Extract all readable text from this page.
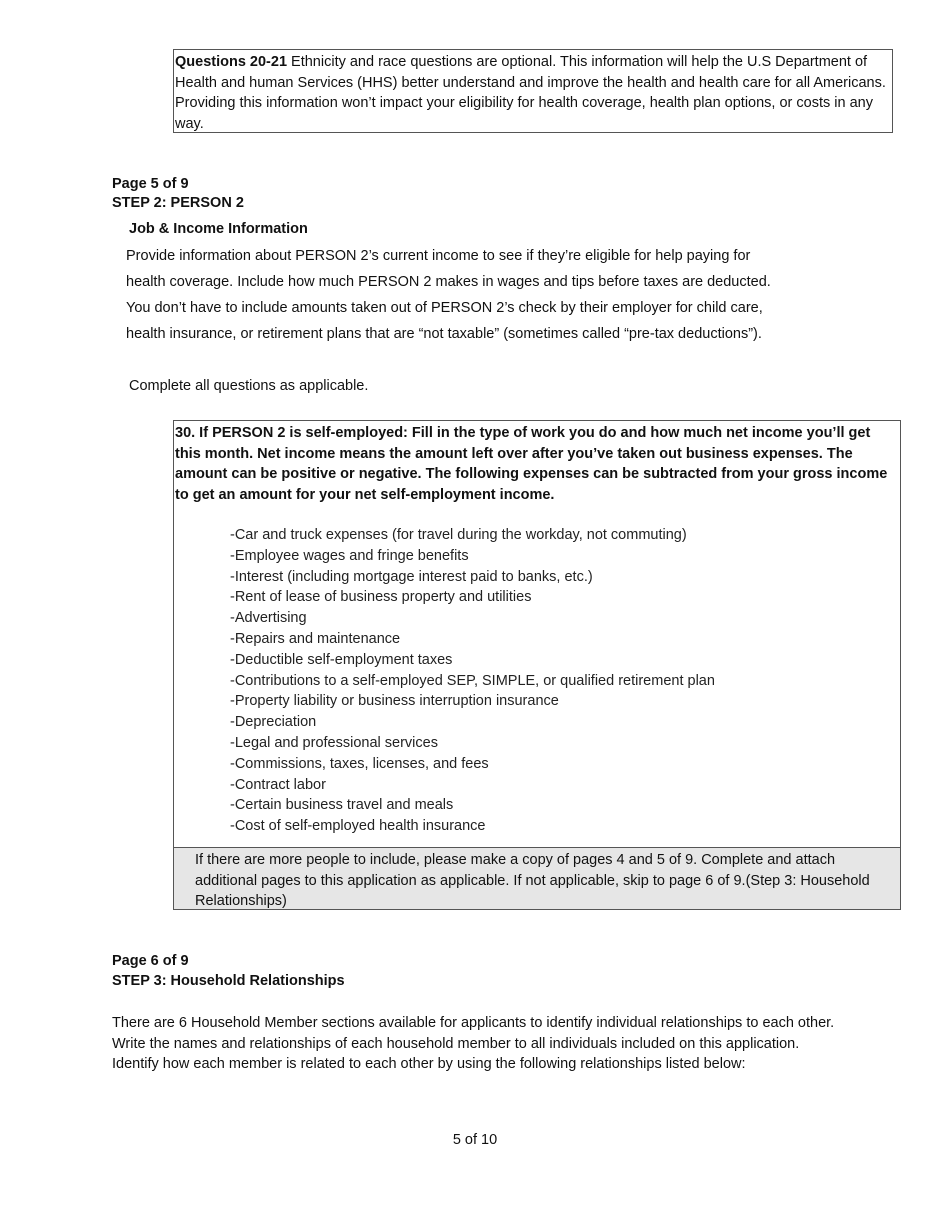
Questions 20-21 Ethnicity and race questions are optional. This information will help the U.S Department of Health and human Services (HHS) better understand and improve the health and health care for all Americans. Providing this information won’t impact your eligibility for health coverage, health plan options, or costs in any way.
Page 5 of 9
STEP 2: PERSON 2
Job & Income Information
Provide information about PERSON 2’s current income to see if they’re eligible for help paying for
health coverage. Include how much PERSON 2 makes in wages and tips before taxes are deducted.
You don’t have to include amounts taken out of PERSON 2’s check by their employer for child care,
health insurance, or retirement plans that are “not taxable” (sometimes called “pre-tax deductions”).
Complete all questions as applicable.
30. If PERSON 2 is self-employed: Fill in the type of work you do and how much net income you’ll get this month. Net income means the amount left over after you’ve taken out business expenses. The amount can be positive or negative. The following expenses can be subtracted from your gross income to get an amount for your net self-employment income.
-Car and truck expenses (for travel during the workday, not commuting)
-Employee wages and fringe benefits
-Interest (including mortgage interest paid to banks, etc.)
-Rent of lease of business property and utilities
-Advertising
-Repairs and maintenance
-Deductible self-employment taxes
-Contributions to a self-employed SEP, SIMPLE, or qualified retirement plan
-Property liability or business interruption insurance
-Depreciation
-Legal and professional services
-Commissions, taxes, licenses, and fees
-Contract labor
-Certain business travel and meals
-Cost of self-employed health insurance
If there are more people to include, please make a copy of pages 4 and 5 of 9. Complete and attach additional pages to this application as applicable. If not applicable, skip to page 6 of 9.(Step 3: Household Relationships)
Page 6 of 9
STEP 3: Household Relationships
There are 6 Household Member sections available for applicants to identify individual relationships to each other. Write the names and relationships of each household member to all individuals included on this application. Identify how each member is related to each other by using the following relationships listed below:
5 of 10
